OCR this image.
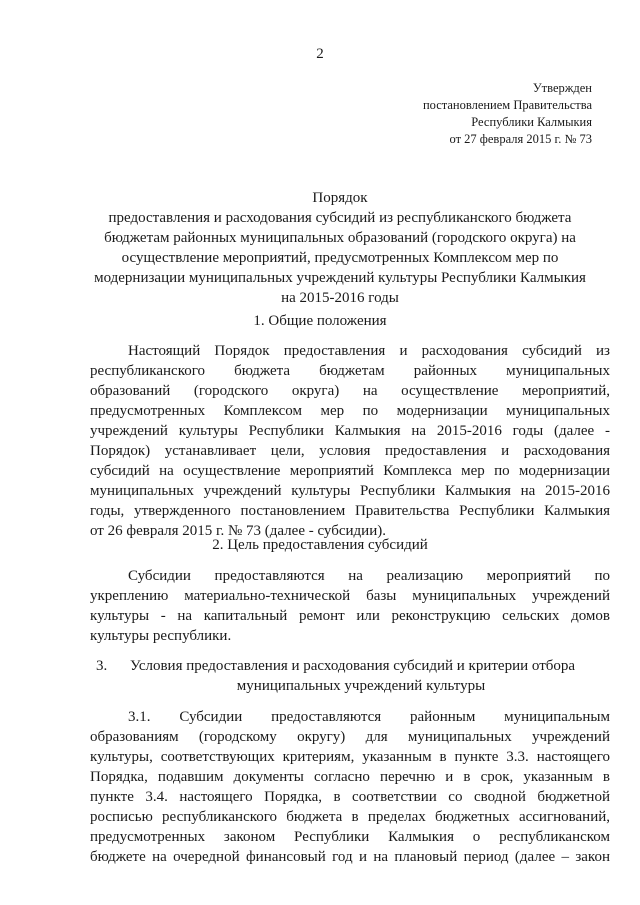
2
Утвержден
постановлением Правительства
Республики Калмыкия
от 27 февраля 2015 г. № 73
Порядок
предоставления и расходования субсидий из республиканского бюджета
бюджетам районных муниципальных образований (городского округа) на
осуществление мероприятий, предусмотренных Комплексом мер по
модернизации муниципальных учреждений культуры Республики Калмыкия
на 2015-2016 годы
1. Общие положения
Настоящий Порядок предоставления и расходования субсидий из
республиканского бюджета бюджетам районных муниципальных
образований (городского округа) на осуществление мероприятий,
предусмотренных Комплексом мер по модернизации муниципальных
учреждений культуры Республики Калмыкия на 2015-2016 годы (далее -
Порядок) устанавливает цели, условия предоставления и расходования
субсидий на осуществление мероприятий Комплекса мер по модернизации
муниципальных учреждений культуры Республики Калмыкия на 2015-2016
годы, утвержденного постановлением Правительства Республики Калмыкия
от 26 февраля 2015 г. № 73 (далее - субсидии).
2. Цель предоставления субсидий
Субсидии предоставляются на реализацию мероприятий по
укреплению материально-технической базы муниципальных учреждений
культуры - на капитальный ремонт или реконструкцию сельских домов
культуры республики.
3.	Условия предоставления и расходования субсидий и критерии отбора
муниципальных учреждений культуры
3.1. Субсидии предоставляются районным муниципальным
образованиям (городскому округу) для муниципальных учреждений
культуры, соответствующих критериям, указанным в пункте 3.3. настоящего
Порядка, подавшим документы согласно перечню и в срок, указанным в
пункте 3.4. настоящего Порядка, в соответствии со сводной бюджетной
росписью республиканского бюджета в пределах бюджетных ассигнований,
предусмотренных законом Республики Калмыкия о республиканском
бюджете на очередной финансовый год и на плановый период (далее – закон
